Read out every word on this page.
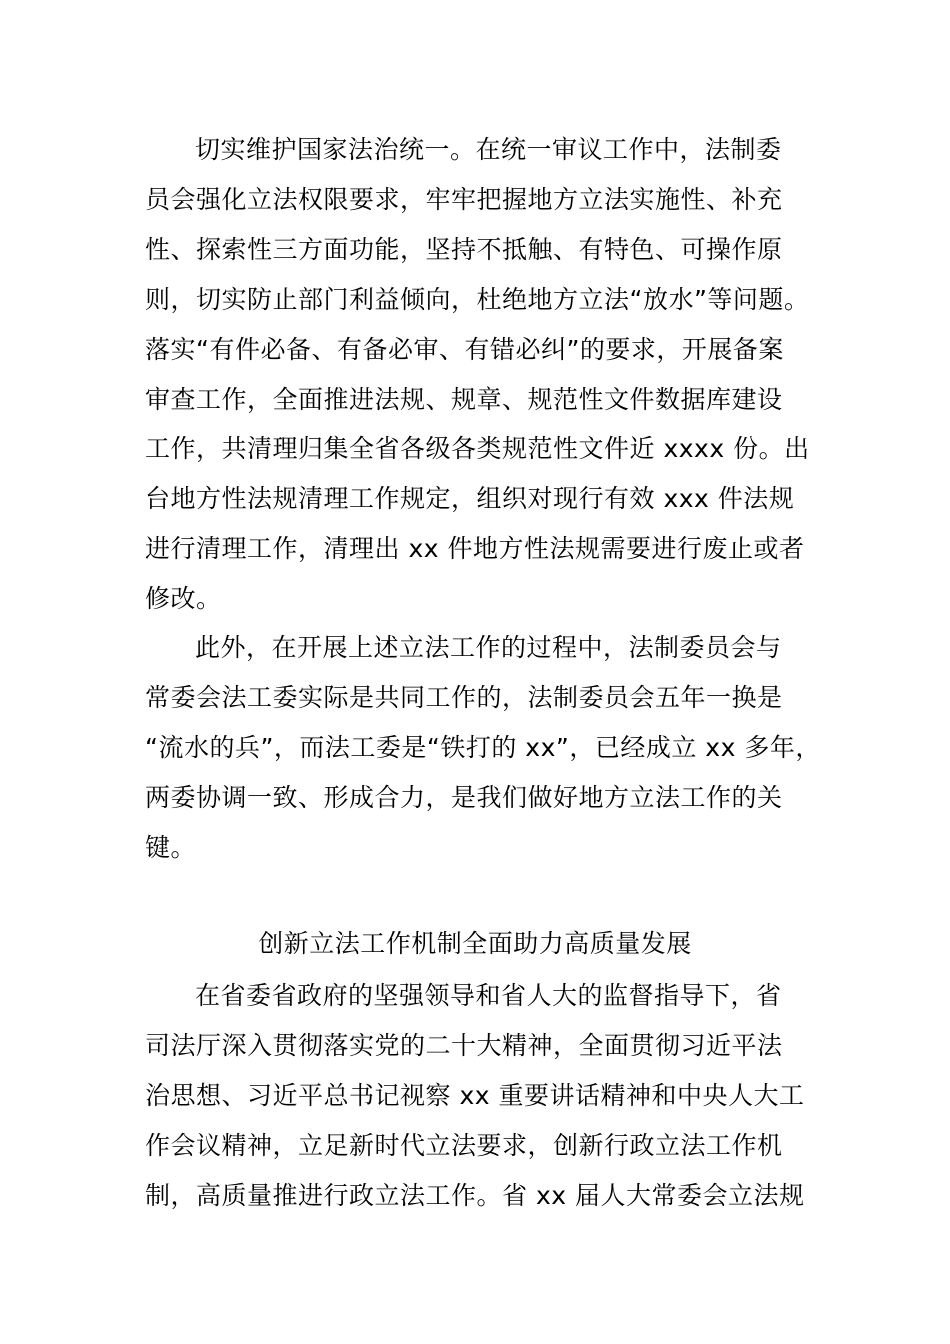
切实维护国家法治统一。在统一审议工作中，法制委
员会强化立法权限要求，牢牢把握地方立法实施性、补充
性、探索性三方面功能，坚持不抵触、有特色、可操作原
则，切实防止部门利益倾向，杜绝地方立法“放水”等问题。
落实“有件必备、有备必审、有错必纠”的要求，开展备案
审查工作，全面推进法规、规章、规范性文件数据库建设
工作，共清理归集全省各级各类规范性文件近 xxxx 份。出
台地方性法规清理工作规定，组织对现行有效 xxx 件法规
进行清理工作，清理出 xx 件地方性法规需要进行废止或者
修改。
此外，在开展上述立法工作的过程中，法制委员会与
常委会法工委实际是共同工作的，法制委员会五年一换是
“流水的兵”，而法工委是“铁打的 xx”，已经成立 xx 多年，
两委协调一致、形成合力，是我们做好地方立法工作的关
键。
创新立法工作机制全面助力高质量发展
在省委省政府的坚强领导和省人大的监督指导下，省
司法厅深入贯彻落实党的二十大精神，全面贯彻习近平法
治思想、习近平总书记视察 xx 重要讲话精神和中央人大工
作会议精神，立足新时代立法要求，创新行政立法工作机
制，高质量推进行政立法工作。省 xx 届人大常委会立法规
